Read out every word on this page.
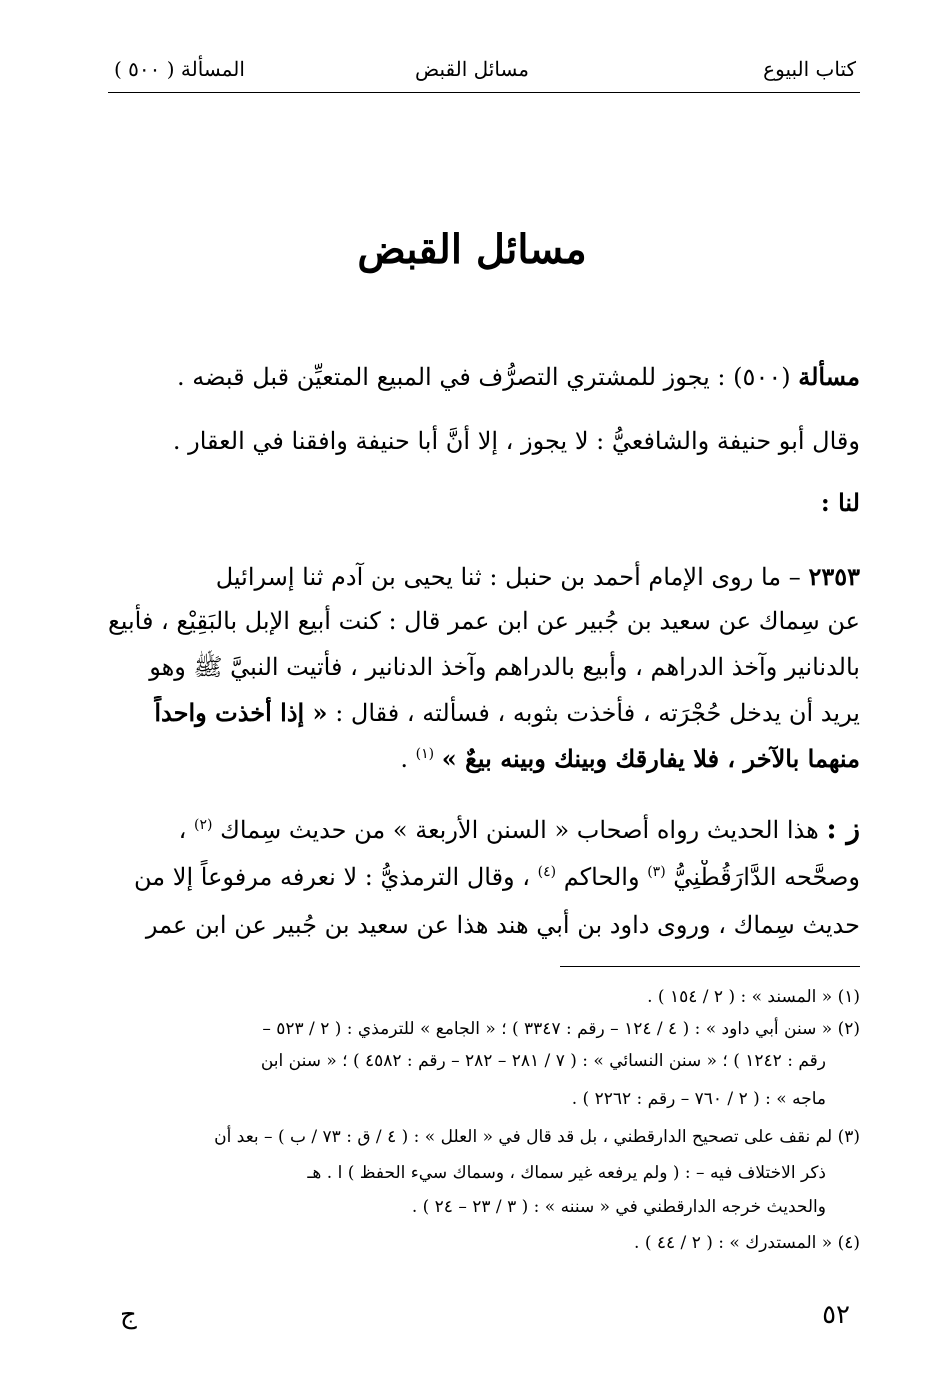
كتاب البيوع
مسائل القبض
المسألة ( ٥٠٠ )
مسائل القبض
مسألة (٥٠٠) : يجوز للمشتري التصرُّف في المبيع المتعيِّن قبل قبضه .
وقال أبو حنيفة والشافعيُّ : لا يجوز ، إلا أنَّ أبا حنيفة وافقنا في العقار .
لنا :
٢٣٥٣ – ما روى الإمام أحمد بن حنبل : ثنا يحيى بن آدم ثنا إسرائيل
عن سِماك عن سعيد بن جُبير عن ابن عمر قال : كنت أبيع الإبل بالبَقِيْع ، فأبيع
بالدنانير وآخذ الدراهم ، وأبيع بالدراهم وآخذ الدنانير ، فأتيت النبيَّ ﷺ وهو
يريد أن يدخل حُجْرَته ، فأخذت بثوبه ، فسألته ، فقال : « إذا أخذت واحداً
منهما بالآخر ، فلا يفارقك وبينك وبينه بيعٌ » $^{(١)}$ .
ز : هذا الحديث رواه أصحاب « السنن الأربعة » من حديث سِماك $^{(٢)}$ ،
وصحَّحه الدَّارَقُطْنِيُّ $^{(٣)}$ والحاكم $^{(٤)}$ ، وقال الترمذيُّ : لا نعرفه مرفوعاً إلا من
حديث سِماك ، وروى داود بن أبي هند هذا عن سعيد بن جُبير عن ابن عمر
(١) « المسند » : ( ٢ / ١٥٤ ) .
(٢) « سنن أبي داود » : ( ٤ / ١٢٤ – رقم : ٣٣٤٧ ) ؛ « الجامع » للترمذي : ( ٢ / ٥٢٣ –
رقم : ١٢٤٢ ) ؛ « سنن النسائي » : ( ٧ / ٢٨١ – ٢٨٢ – رقم : ٤٥٨٢ ) ؛ « سنن ابن
ماجه » : ( ٢ / ٧٦٠ – رقم : ٢٢٦٢ ) .
(٣) لم نقف على تصحيح الدارقطني ، بل قد قال في « العلل » : ( ٤ / ق : ٧٣ / ب ) – بعد أن
ذكر الاختلاف فيه – : ( ولم يرفعه غير سماك ، وسماك سيء الحفظ ) ا . هـ
والحديث خرجه الدارقطني في « سننه » : ( ٣ / ٢٣ – ٢٤ ) .
(٤) « المستدرك » : ( ٢ / ٤٤ ) .
٥٢
ج
